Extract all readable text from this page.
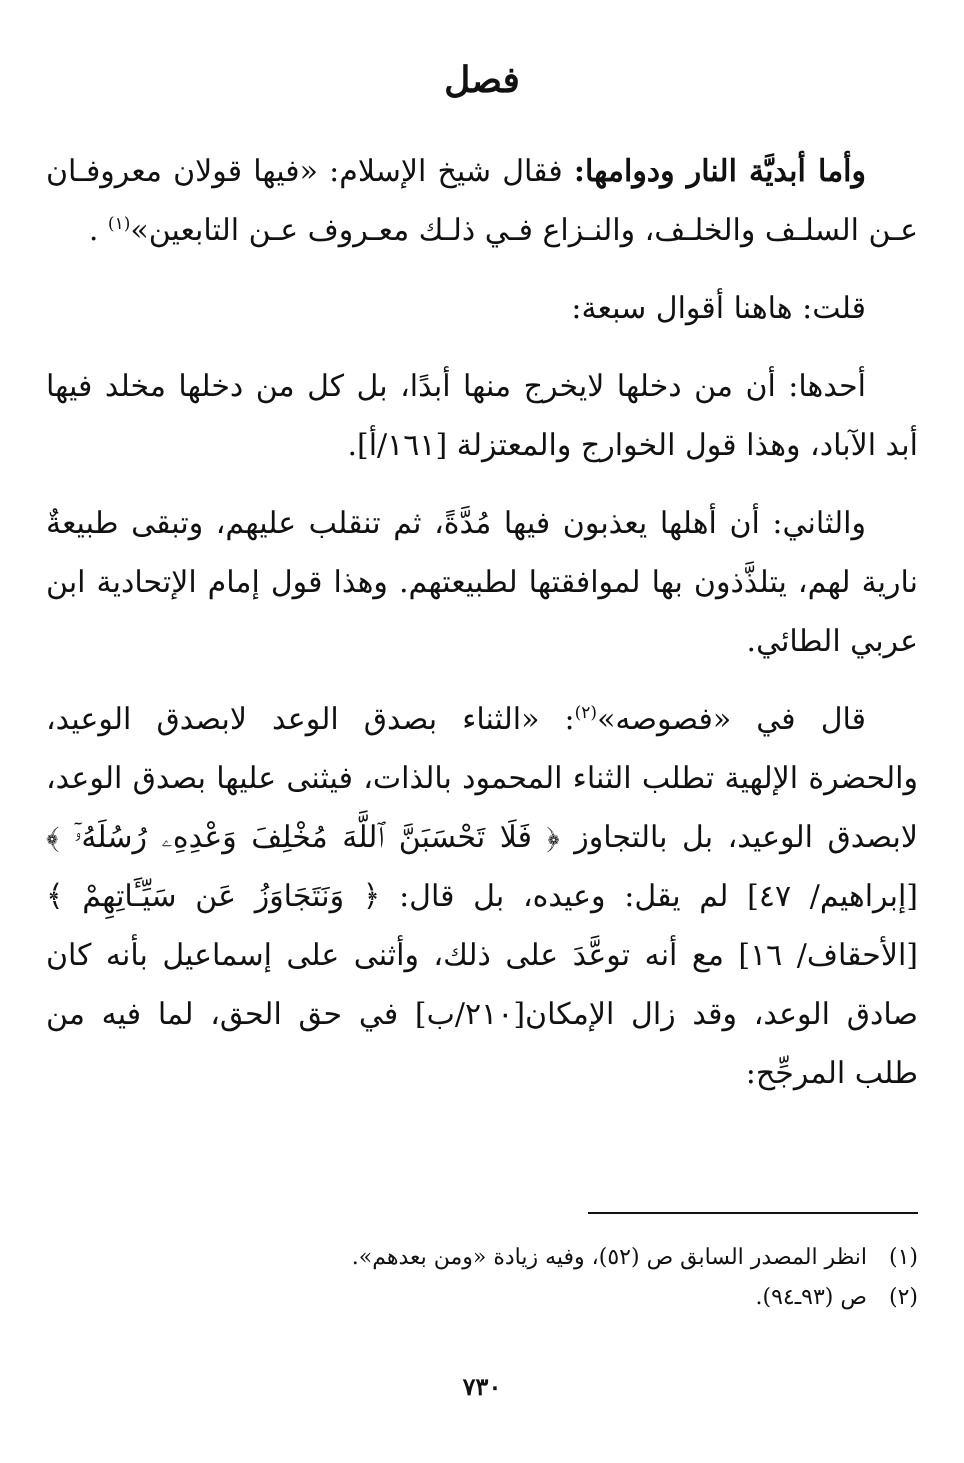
فصل

وأما أبديَّة النار ودوامها: فقال شيخ الإسلام: «فيها قولان معروفـان عـن السلـف والخلـف، والنـزاع فـي ذلـك معـروف عـن التابعين»$^{(١)}$ .

قلت: هاهنا أقوال سبعة:

أحدها: أن من دخلها لايخرج منها أبدًا، بل كل من دخلها مخلد فيها أبد الآباد، وهذا قول الخوارج والمعتزلة [١٦١/أ].

والثاني: أن أهلها يعذبون فيها مُدَّةً، ثم تنقلب عليهم، وتبقى طبيعةٌ نارية لهم، يتلذَّذون بها لموافقتها لطبيعتهم. وهذا قول إمام الإتحادية ابن عربي الطائي.

قال في «فصوصه»$^{(٢)}$: «الثناء بصدق الوعد لابصدق الوعيد، والحضرة الإلهية تطلب الثناء المحمود بالذات، فيثنى عليها بصدق الوعد، لابصدق الوعيد، بل بالتجاوز ﴿ فَلَا تَحْسَبَنَّ ٱللَّهَ مُخْلِفَ وَعْدِهِۦ رُسُلَهُۥٓ ﴾ [إبراهيم/ ٤٧] لم يقل: وعيده، بل قال: ﴿ وَنَتَجَاوَزُ عَن سَيِّـَٔاتِهِمْ ﴾ [الأحقاف/ ١٦] مع أنه توعَّدَ على ذلك، وأثنى على إسماعيل بأنه كان صادق الوعد، وقد زال الإمكان[٢١٠/ب] في حق الحق، لما فيه من طلب المرجِّح:

(١)انظر المصدر السابق ص (٥٢)، وفيه زيادة «ومن بعدهم».
(٢)ص (٩٣ـ٩٤).
٧٣٠
